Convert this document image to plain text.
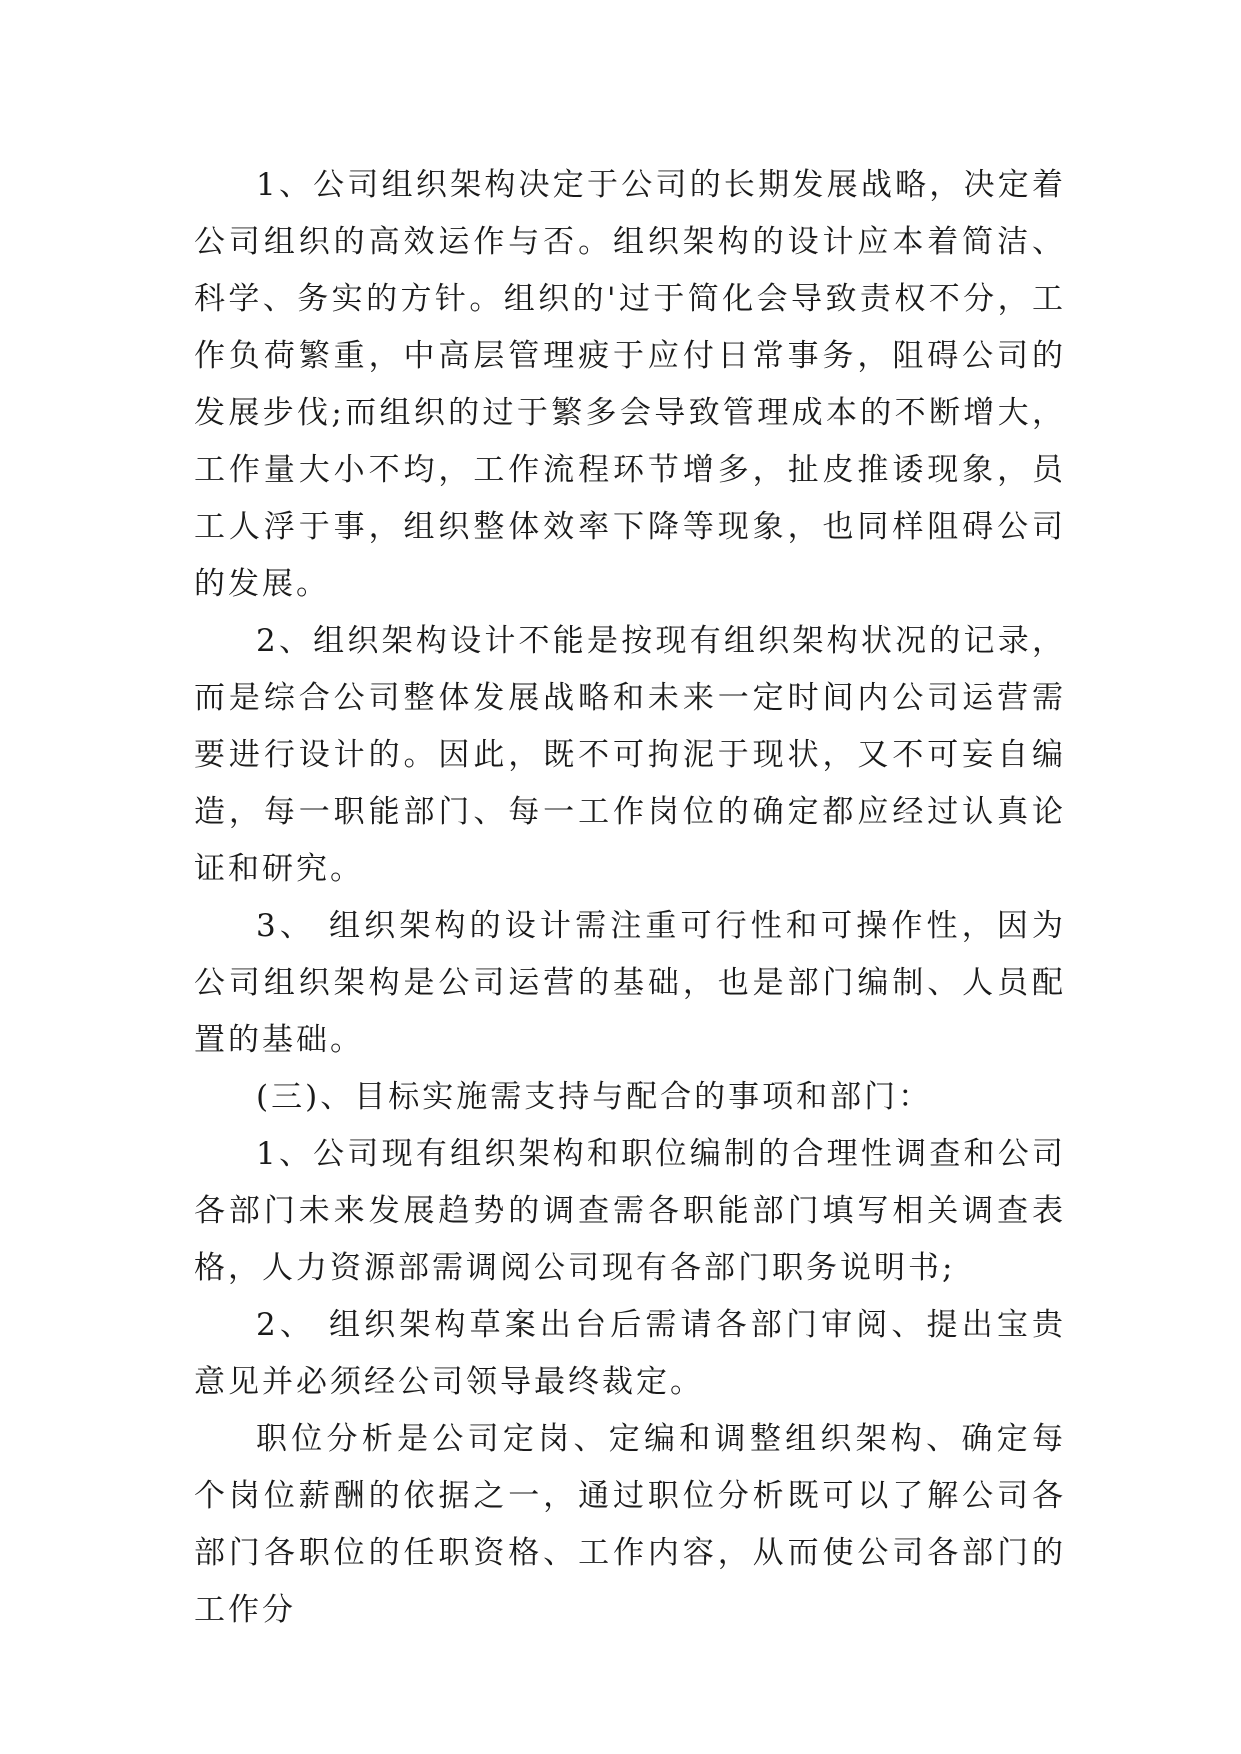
1、公司组织架构决定于公司的长期发展战略，决定着公司组织的高效运作与否。组织架构的设计应本着简洁、科学、务实的方针。组织的'过于简化会导致责权不分，工作负荷繁重，中高层管理疲于应付日常事务，阻碍公司的发展步伐;而组织的过于繁多会导致管理成本的不断增大，工作量大小不均，工作流程环节增多，扯皮推诿现象，员工人浮于事，组织整体效率下降等现象，也同样阻碍公司的发展。

2、组织架构设计不能是按现有组织架构状况的记录，而是综合公司整体发展战略和未来一定时间内公司运营需要进行设计的。因此，既不可拘泥于现状，又不可妄自编造，每一职能部门、每一工作岗位的确定都应经过认真论证和研究。

3、 组织架构的设计需注重可行性和可操作性，因为公司组织架构是公司运营的基础，也是部门编制、人员配置的基础。

(三)、目标实施需支持与配合的事项和部门：

1、公司现有组织架构和职位编制的合理性调查和公司各部门未来发展趋势的调查需各职能部门填写相关调查表格，人力资源部需调阅公司现有各部门职务说明书;

2、 组织架构草案出台后需请各部门审阅、提出宝贵意见并必须经公司领导最终裁定。

职位分析是公司定岗、定编和调整组织架构、确定每个岗位薪酬的依据之一，通过职位分析既可以了解公司各部门各职位的任职资格、工作内容，从而使公司各部门的工作分
